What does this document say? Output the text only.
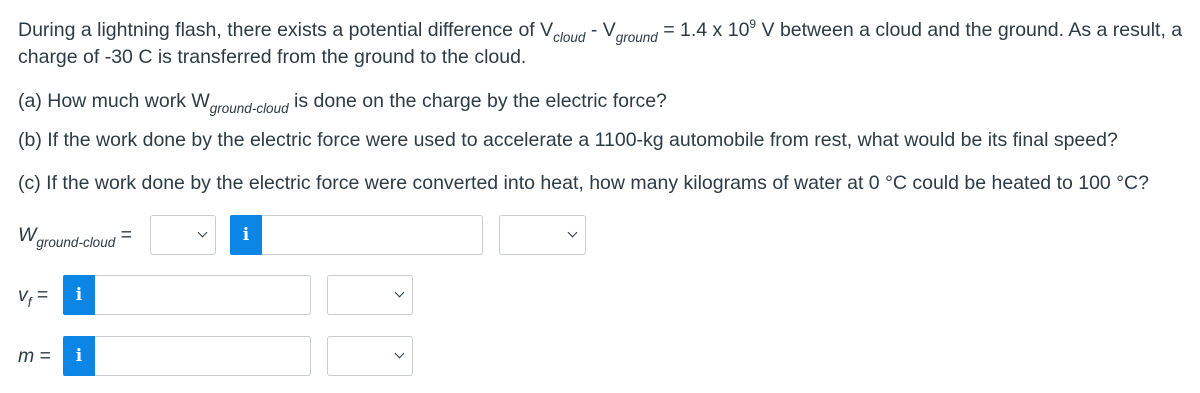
During a lightning flash, there exists a potential difference of $V_{cloud} - V_{ground} = 1.4$ x $10^9$ V between a cloud and the ground. As a result, a
charge of -30 C is transferred from the ground to the cloud.
(a) How much work $W_{ground-cloud}$ is done on the charge by the electric force?
(b) If the work done by the electric force were used to accelerate a 1100-kg automobile from rest, what would be its final speed?
(c) If the work done by the electric force were converted into heat, how many kilograms of water at 0 °C could be heated to 100 °C?
$W_{ground-cloud}$ =	i
$v_f$ =	i
m =	i
